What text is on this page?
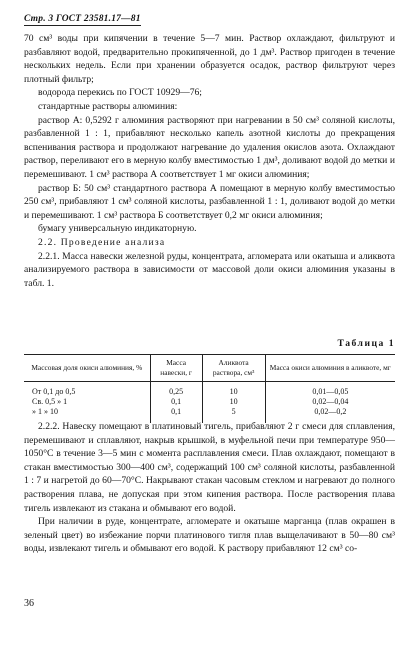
Стр. 3 ГОСТ 23581.17—81

70 см³ воды при кипячении в течение 5—7 мин. Раствор охлаждают, фильтруют и разбавляют водой, предварительно прокипяченной, до 1 дм³. Раствор пригоден в течение нескольких недель. Если при хранении образуется осадок, раствор фильтруют через плотный фильтр;

водорода перекись по ГОСТ 10929—76;

стандартные растворы алюминия:

раствор А: 0,5292 г алюминия растворяют при нагревании в 50 см³ соляной кислоты, разбавленной 1 : 1, прибавляют несколько капель азотной кислоты до прекращения вспенивания раствора и продолжают нагревание до удаления окислов азота. Охлаждают раствор, переливают его в мерную колбу вместимостью 1 дм³, доливают водой до метки и перемешивают. 1 см³ раствора А соответствует 1 мг окиси алюминия;

раствор Б: 50 см³ стандартного раствора А помещают в мерную колбу вместимостью 250 см³, прибавляют 1 см³ соляной кислоты, разбавленной 1 : 1, доливают водой до метки и перемешивают. 1 см³ раствора Б соответствует 0,2 мг окиси алюминия;

бумагу универсальную индикаторную.

2.2. Проведение анализа

2.2.1. Масса навески железной руды, концентрата, агломерата или окатыша и аликвота анализируемого раствора в зависимости от массовой доли окиси алюминия указаны в табл. 1.

Таблица 1
Массовая доля окиси алюминия, %	Масса навески, г	Аликвота раствора, см³	Масса окиси алюминия в аликвоте, мг
От 0,1 до 0,5	0,25	10	0,01—0,05
Св. 0,5 » 1	0,1	10	0,02—0,04
» 1 » 10	0,1	5	0,02—0,2

2.2.2. Навеску помещают в платиновый тигель, прибавляют 2 г смеси для сплавления, перемешивают и сплавляют, накрыв крышкой, в муфельной печи при температуре 950—1050°С в течение 3—5 мин с момента расплавления смеси. Плав охлаждают, помещают в стакан вместимостью 300—400 см³, содержащий 100 см³ соляной кислоты, разбавленной 1 : 7 и нагретой до 60—70°С. Накрывают стакан часовым стеклом и нагревают до полного растворения плава, не допуская при этом кипения раствора. После растворения плава тигель извлекают из стакана и обмывают его водой.

При наличии в руде, концентрате, агломерате и окатыше марганца (плав окрашен в зеленый цвет) во избежание порчи платинового тигля плав выщелачивают в 50—80 см³ воды, извлекают тигель и обмывают его водой. К раствору прибавляют 12 см³ со-

36
